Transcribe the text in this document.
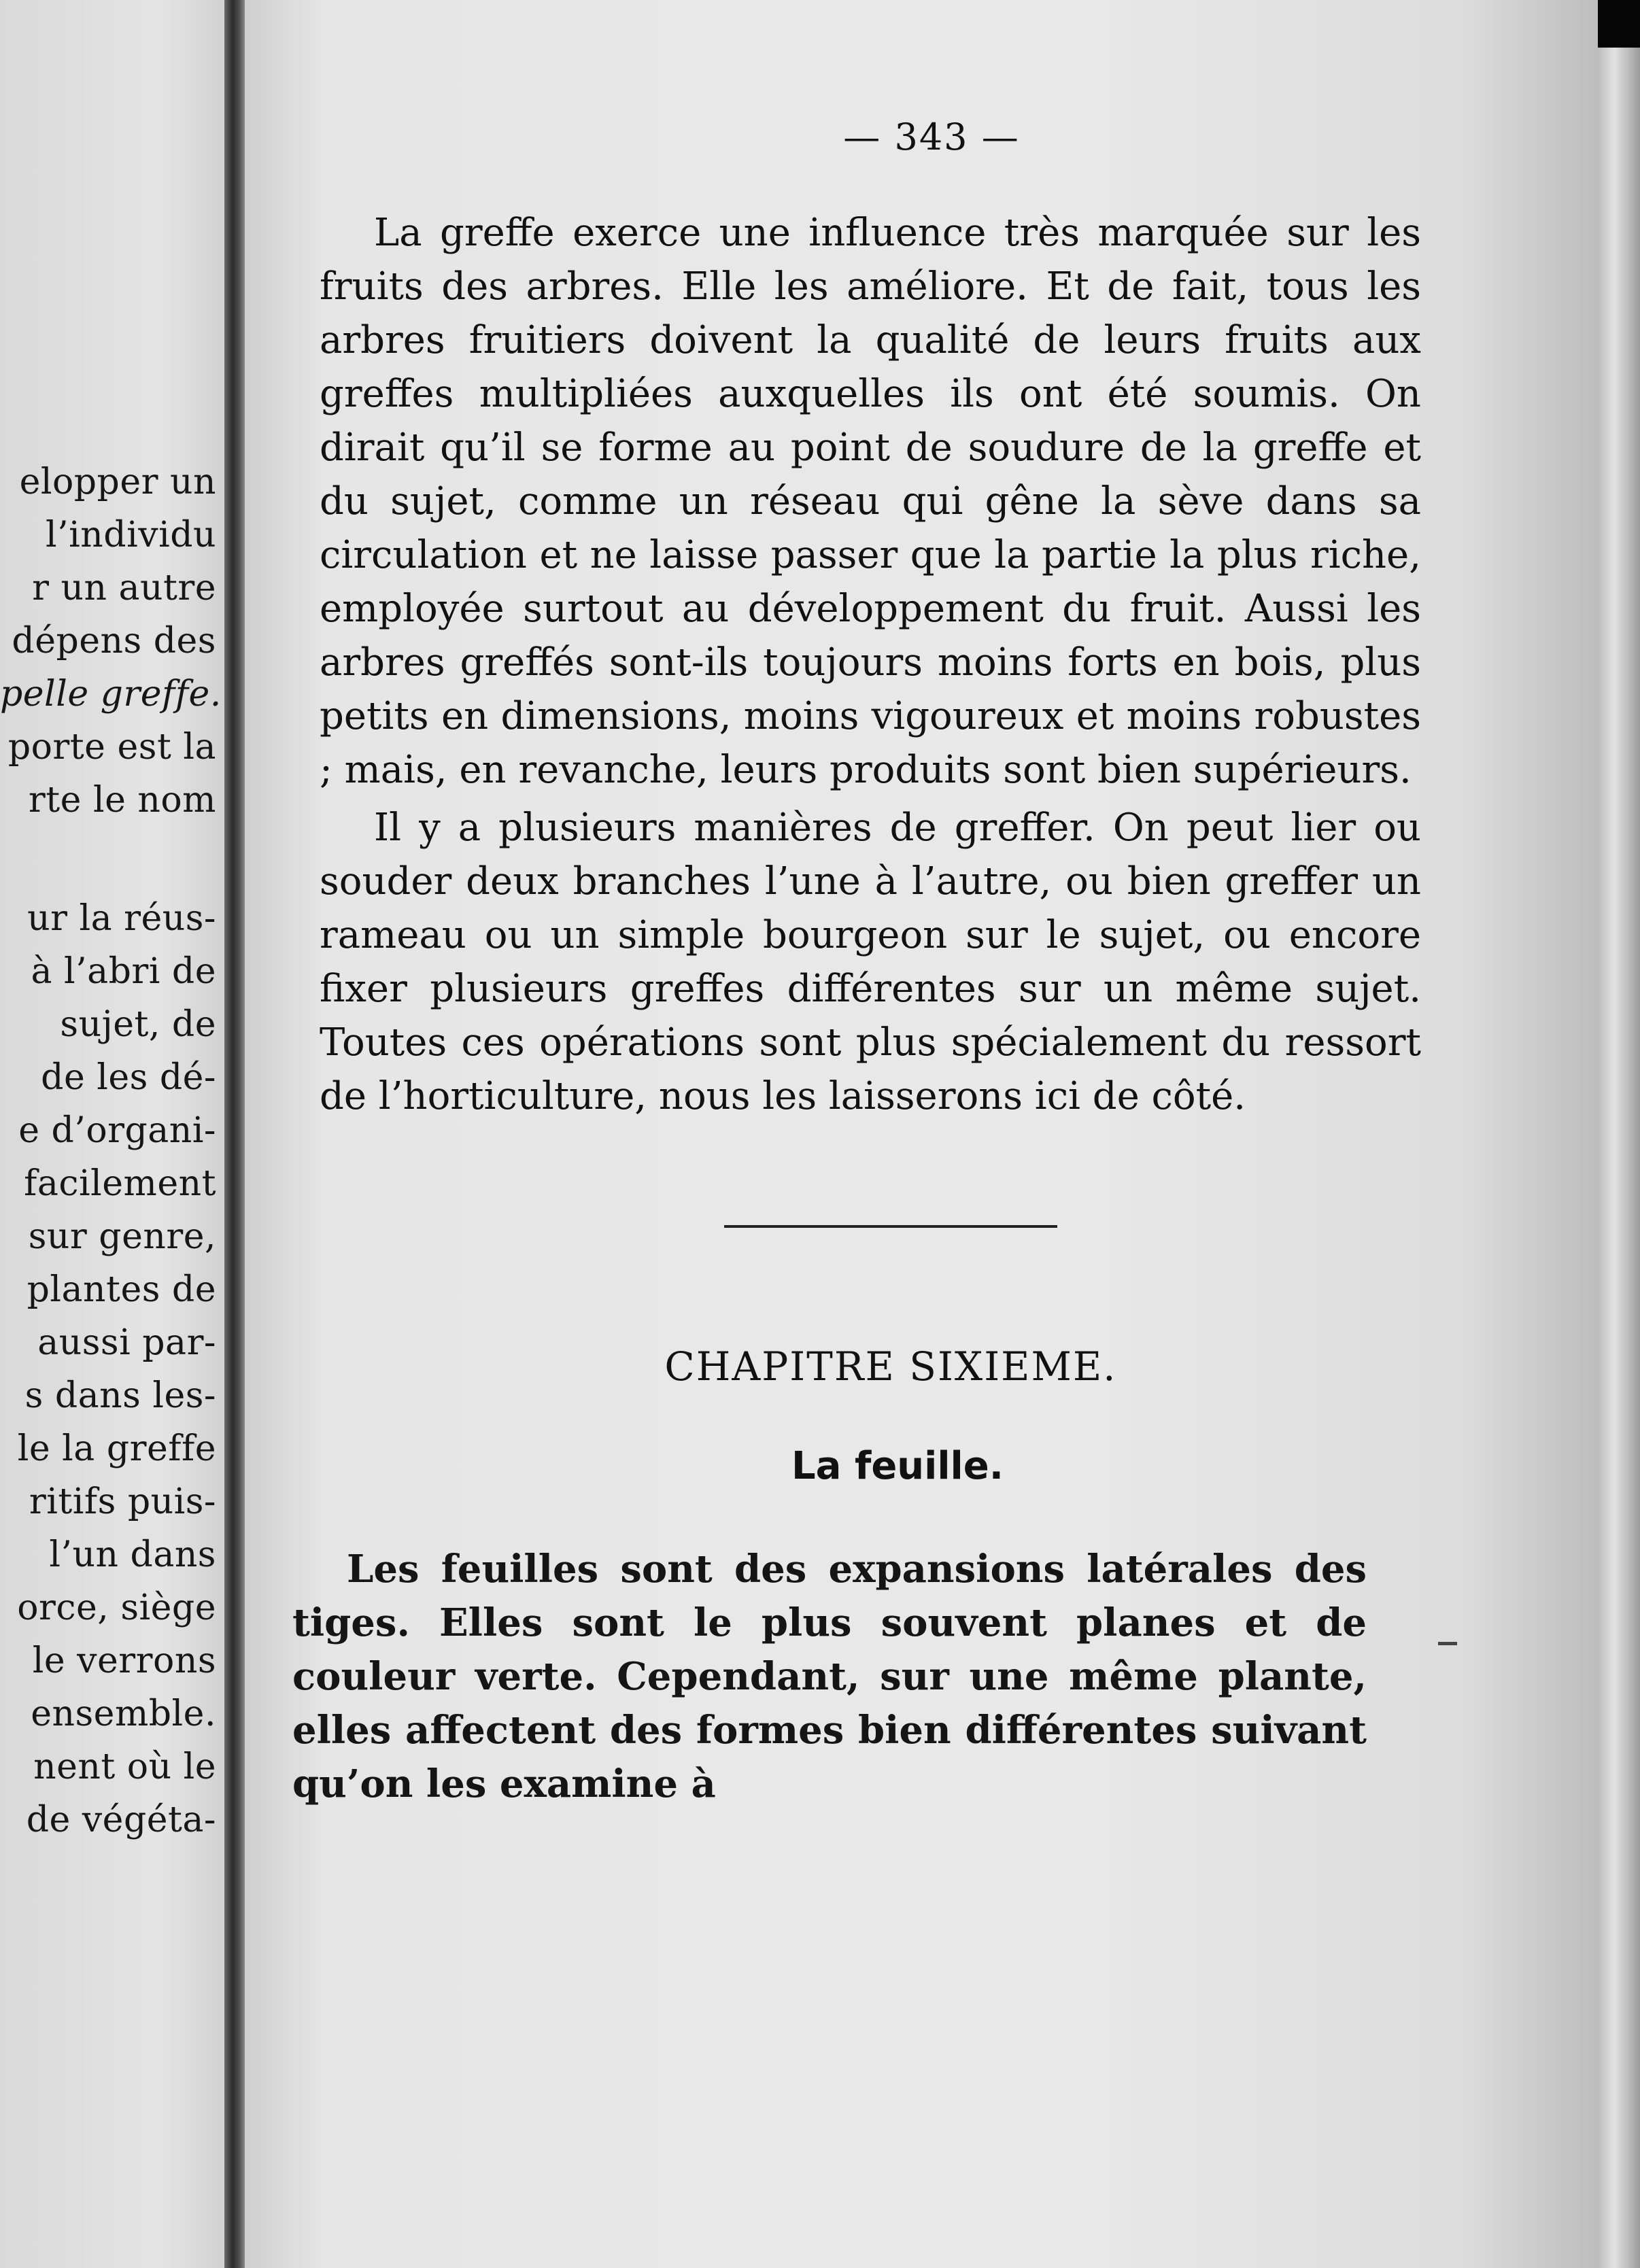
elopper un
l’individu
r un autre
dépens des
pelle greffe.
porte est la
rte le nom
ur la réus-
à l’abri de
sujet, de
de les dé-
e d’organi-
facilement
sur genre,
plantes de
aussi par-
s dans les-
le la greffe
ritifs puis-
l’un dans
orce, siège
le verrons
ensemble.
nent où le
de végéta-
— 343 —

La greffe exerce une influence très marquée sur les fruits des arbres. Elle les améliore. Et de fait, tous les arbres fruitiers doivent la qualité de leurs fruits aux greffes multipliées auxquelles ils ont été soumis. On dirait qu’il se forme au point de soudure de la greffe et du sujet, comme un réseau qui gêne la sève dans sa circulation et ne laisse passer que la partie la plus riche, employée surtout au développement du fruit. Aussi les arbres greffés sont-ils toujours moins forts en bois, plus petits en dimensions, moins vigoureux et moins robustes ; mais, en revanche, leurs produits sont bien supérieurs.

Il y a plusieurs manières de greffer. On peut lier ou souder deux branches l’une à l’autre, ou bien greffer un rameau ou un simple bourgeon sur le sujet, ou encore fixer plusieurs greffes différentes sur un même sujet. Toutes ces opérations sont plus spécialement du ressort de l’horticulture, nous les laisserons ici de côté.

CHAPITRE SIXIEME.
La feuille.

Les feuilles sont des expansions latérales des tiges. Elles sont le plus souvent planes et de couleur verte. Cependant, sur une même plante, elles affectent des formes bien différentes suivant qu’on les examine à
